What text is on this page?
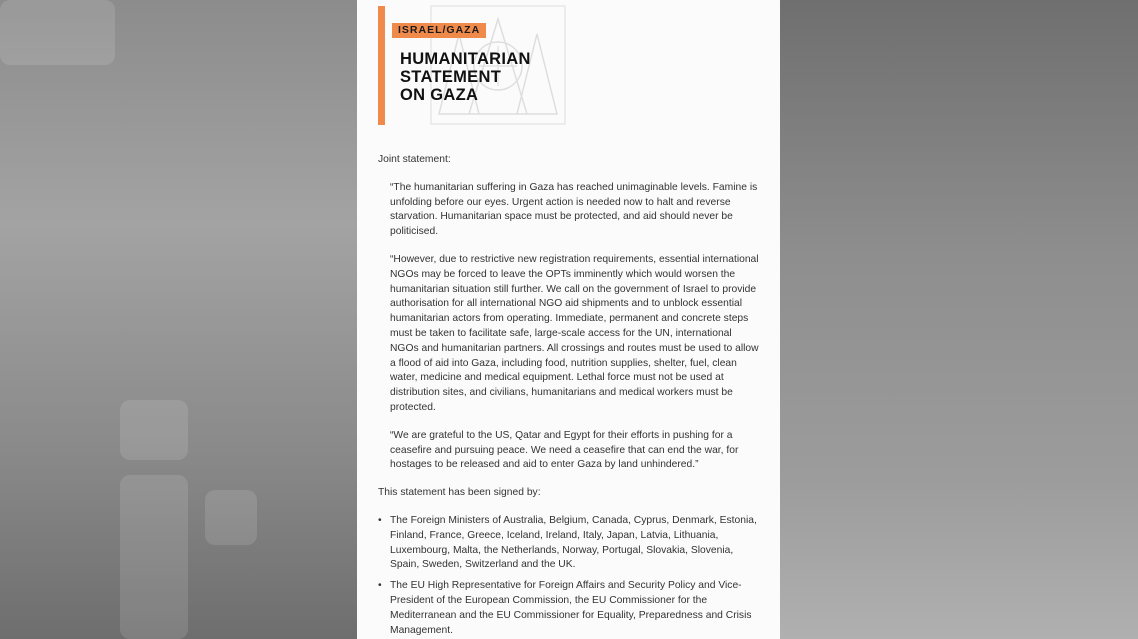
ISRAEL/GAZA
HUMANITARIAN
STATEMENT
ON GAZA

Joint statement:

“The humanitarian suffering in Gaza has reached unimaginable levels. Famine is unfolding before our eyes. Urgent action is needed now to halt and reverse starvation. Humanitarian space must be protected, and aid should never be politicised.

“However, due to restrictive new registration requirements, essential international NGOs may be forced to leave the OPTs imminently which would worsen the humanitarian situation still further. We call on the government of Israel to provide authorisation for all international NGO aid shipments and to unblock essential humanitarian actors from operating. Immediate, permanent and concrete steps must be taken to facilitate safe, large-scale access for the UN, international NGOs and humanitarian partners. All crossings and routes must be used to allow a flood of aid into Gaza, including food, nutrition supplies, shelter, fuel, clean water, medicine and medical equipment. Lethal force must not be used at distribution sites, and civilians, humanitarians and medical workers must be protected.

“We are grateful to the US, Qatar and Egypt for their efforts in pushing for a ceasefire and pursuing peace. We need a ceasefire that can end the war, for hostages to be released and aid to enter Gaza by land unhindered.”

This statement has been signed by:

• The Foreign Ministers of Australia, Belgium, Canada, Cyprus, Denmark, Estonia, Finland, France, Greece, Iceland, Ireland, Italy, Japan, Latvia, Lithuania, Luxembourg, Malta, the Netherlands, Norway, Portugal, Slovakia, Slovenia, Spain, Sweden, Switzerland and the UK.
• The EU High Representative for Foreign Affairs and Security Policy and Vice-President of the European Commission, the EU Commissioner for the Mediterranean and the EU Commissioner for Equality, Preparedness and Crisis Management.
